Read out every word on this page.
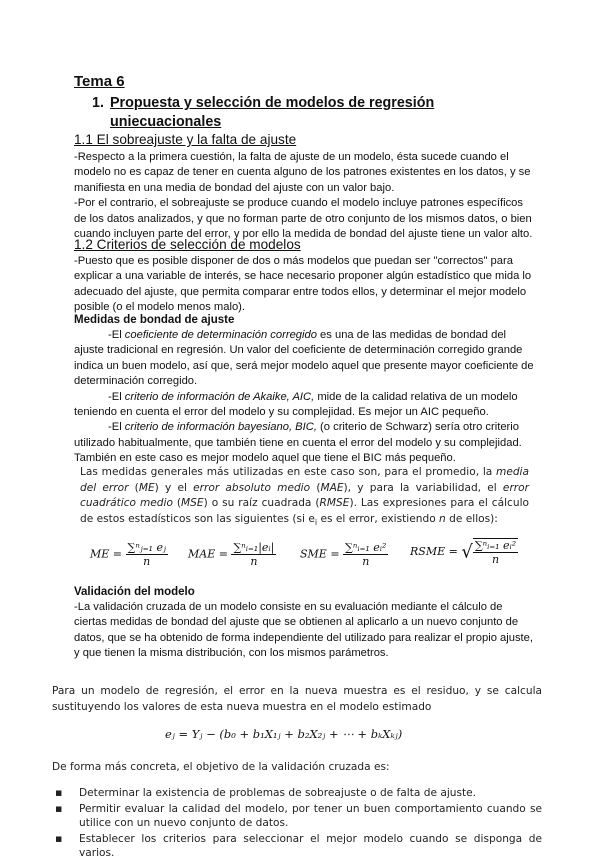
Tema 6
1. Propuesta y selección de modelos de regresión
uniecuacionales
1.1 El sobreajuste y la falta de ajuste

-Respecto a la primera cuestión, la falta de ajuste de un modelo, ésta sucede cuando el modelo no es capaz de tener en cuenta alguno de los patrones existentes en los datos, y se manifiesta en una media de bondad del ajuste con un valor bajo.

-Por el contrario, el sobreajuste se produce cuando el modelo incluye patrones específicos de los datos analizados, y que no forman parte de otro conjunto de los mismos datos, o bien cuando incluyen parte del error, y por ello la medida de bondad del ajuste tiene un valor alto.

1.2 Criterios de selección de modelos

-Puesto que es posible disponer de dos o más modelos que puedan ser "correctos" para explicar a una variable de interés, se hace necesario proponer algún estadístico que mida lo adecuado del ajuste, que permita comparar entre todos ellos, y determinar el mejor modelo posible (o el modelo menos malo).

Medidas de bondad de ajuste

-El coeficiente de determinación corregido es una de las medidas de bondad del ajuste tradicional en regresión. Un valor del coeficiente de determinación corregido grande indica un buen modelo, así que, será mejor modelo aquel que presente mayor coeficiente de determinación corregido.

-El criterio de información de Akaike, AIC, mide de la calidad relativa de un modelo teniendo en cuenta el error del modelo y su complejidad. Es mejor un AIC pequeño.

-El criterio de información bayesiano, BIC, (o criterio de Schwarz) sería otro criterio utilizado habitualmente, que también tiene en cuenta el error del modelo y su complejidad. También en este caso es mejor modelo aquel que tiene el BIC más pequeño.

Las medidas generales más utilizadas en este caso son, para el promedio, la media del error (ME) y el error absoluto medio (MAE), y para la variabilidad, el error cuadrático medio (MSE) o su raíz cuadrada (RMSE). Las expresiones para el cálculo de estos estadísticos son las siguientes (si $e_i$ es el error, existiendo n de ellos):

ME = $\frac{\text{∑ⁿⱼ₌₁ eⱼ}}{n}$ MAE = $\frac{\text{∑ⁿᵢ₌₁|eᵢ|}}{n}$ SME = $\frac{\text{∑ⁿᵢ₌₁ eᵢ²}}{n}$ RSME = √ $\frac{\text{∑ⁿᵢ₌₁ eᵢ²}}{n}$
Validación del modelo

-La validación cruzada de un modelo consiste en su evaluación mediante el cálculo de ciertas medidas de bondad del ajuste que se obtienen al aplicarlo a un nuevo conjunto de datos, que se ha obtenido de forma independiente del utilizado para realizar el propio ajuste, y que tienen la misma distribución, con los mismos parámetros.

Para un modelo de regresión, el error en la nueva muestra es el residuo, y se calcula sustituyendo los valores de esta nueva muestra en el modelo estimado

eⱼ = Yⱼ − (b₀ + b₁X₁ⱼ + b₂X₂ⱼ + ⋯ + bₖXₖⱼ)
De forma más concreta, el objetivo de la validación cruzada es:
▪ Determinar la existencia de problemas de sobreajuste o de falta de ajuste.
▪ Permitir evaluar la calidad del modelo, por tener un buen comportamiento cuando se utilice con un nuevo conjunto de datos.
▪ Establecer los criterios para seleccionar el mejor modelo cuando se disponga de varios.
